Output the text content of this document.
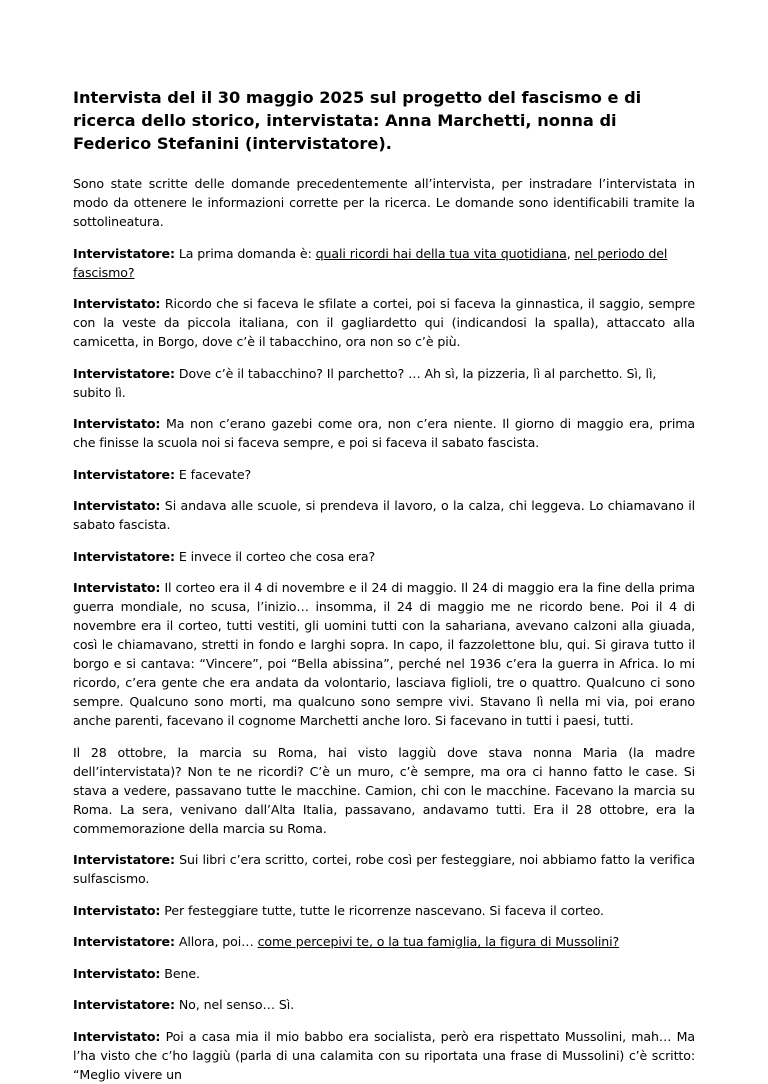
Intervista del il 30 maggio 2025 sul progetto del fascismo e di ricerca dello storico, intervistata: Anna Marchetti, nonna di Federico Stefanini (intervistatore).

Sono state scritte delle domande precedentemente all’intervista, per instradare l’intervistata in modo da ottenere le informazioni corrette per la ricerca. Le domande sono identificabili tramite la sottolineatura.

Intervistatore: La prima domanda è: quali ricordi hai della tua vita quotidiana, nel periodo del fascismo?

Intervistato: Ricordo che si faceva le sfilate a cortei, poi si faceva la ginnastica, il saggio, sempre con la veste da piccola italiana, con il gagliardetto qui (indicandosi la spalla), attaccato alla camicetta, in Borgo, dove c’è il tabacchino, ora non so c’è più.

Intervistatore: Dove c’è il tabacchino? Il parchetto? … Ah sì, la pizzeria, lì al parchetto. Sì, lì, subito lì.

Intervistato: Ma non c’erano gazebi come ora, non c’era niente. Il giorno di maggio era, prima che finisse la scuola noi si faceva sempre, e poi si faceva il sabato fascista.

Intervistatore: E facevate?

Intervistato: Si andava alle scuole, si prendeva il lavoro, o la calza, chi leggeva. Lo chiamavano il sabato fascista.

Intervistatore: E invece il corteo che cosa era?

Intervistato: Il corteo era il 4 di novembre e il 24 di maggio. Il 24 di maggio era la fine della prima guerra mondiale, no scusa, l’inizio… insomma, il 24 di maggio me ne ricordo bene. Poi il 4 di novembre era il corteo, tutti vestiti, gli uomini tutti con la sahariana, avevano calzoni alla giuada, così le chiamavano, stretti in fondo e larghi sopra. In capo, il fazzolettone blu, qui. Si girava tutto il borgo e si cantava: “Vincere”, poi “Bella abissina”, perché nel 1936 c’era la guerra in Africa. Io mi ricordo, c’era gente che era andata da volontario, lasciava figlioli, tre o quattro. Qualcuno ci sono sempre. Qualcuno sono morti, ma qualcuno sono sempre vivi. Stavano lì nella mi via, poi erano anche parenti, facevano il cognome Marchetti anche loro. Si facevano in tutti i paesi, tutti.

Il 28 ottobre, la marcia su Roma, hai visto laggiù dove stava nonna Maria (la madre dell’intervistata)? Non te ne ricordi? C’è un muro, c’è sempre, ma ora ci hanno fatto le case. Si stava a vedere, passavano tutte le macchine. Camion, chi con le macchine. Facevano la marcia su Roma. La sera, venivano dall’Alta Italia, passavano, andavamo tutti. Era il 28 ottobre, era la commemorazione della marcia su Roma.

Intervistatore: Sui libri c’era scritto, cortei, robe così per festeggiare, noi abbiamo fatto la verifica sulfascismo.

Intervistato: Per festeggiare tutte, tutte le ricorrenze nascevano. Si faceva il corteo.

Intervistatore: Allora, poi… come percepivi te, o la tua famiglia, la figura di Mussolini?

Intervistato: Bene.

Intervistatore: No, nel senso… Sì.

Intervistato: Poi a casa mia il mio babbo era socialista, però era rispettato Mussolini, mah… Ma l’ha visto che c’ho laggiù (parla di una calamita con su riportata una frase di Mussolini) c’è scritto: “Meglio vivere un
